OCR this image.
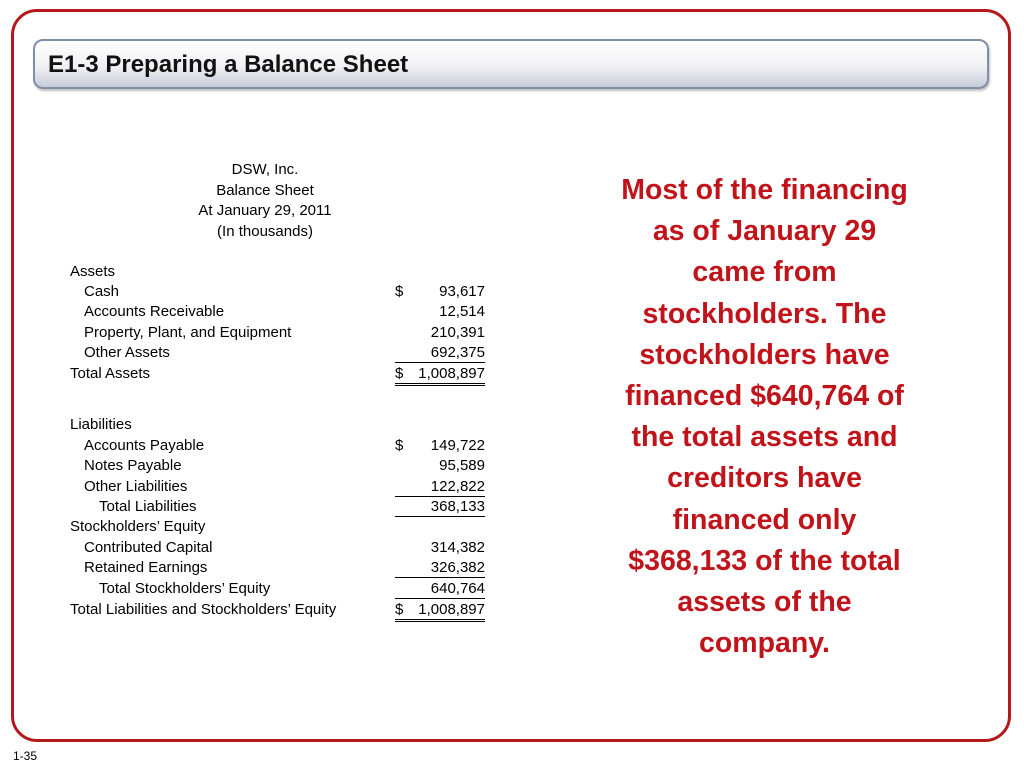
E1-3 Preparing a Balance Sheet
DSW, Inc.
Balance Sheet
At January 29, 2011
(In thousands)
Assets
Cash	$ 93,617
Accounts Receivable	12,514
Property, Plant, and Equipment	210,391
Other Assets	692,375
Total Assets	$ 1,008,897
Liabilities
Accounts Payable	$ 149,722
Notes Payable	95,589
Other Liabilities	122,822
Total Liabilities	368,133
Stockholders’ Equity
Contributed Capital	314,382
Retained Earnings	326,382
Total Stockholders’ Equity	640,764
Total Liabilities and Stockholders’ Equity	$ 1,008,897
Most of the financing
as of January 29
came from
stockholders. The
stockholders have
financed $640,764 of
the total assets and
creditors have
financed only
$368,133 of the total
assets of the
company.
1-35
